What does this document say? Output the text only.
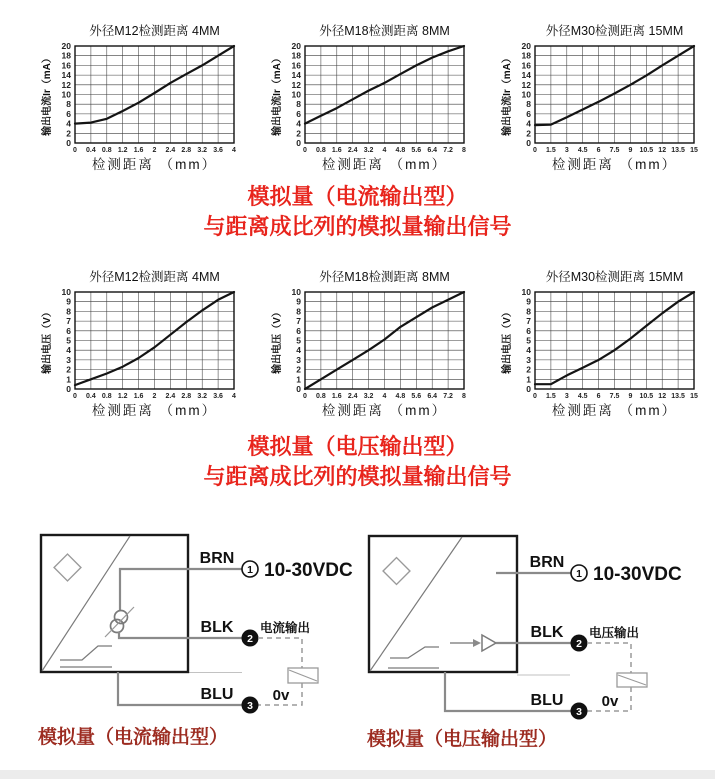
0 0.4 0.8 1.2 1.6 2 2.4 2.8 3.2 3.6 4
0
2
4
6
8
10
12
14
16
18
20
外径M12检测距离 4MM
输出电流Ir（mA）
检测距离 （mm）
0 0.8 1.6 2.4 3.2 4 4.8 5.6 6.4 7.2 8
0
2
4
6
8
10
12
14
16
18
20
外径M18检测距离 8MM
输出电流Ir（mA）
检测距离 （mm）
0 1.5 3 4.5 6 7.5 9 10.5 12 13.5 15
0
2
4
6
8
10
12
14
16
18
20
外径M30检测距离 15MM
输出电流Ir（mA）
检测距离 （mm）
模拟量（电流输出型）
与距离成比列的模拟量输出信号
0 0.4 0.8 1.2 1.6 2 2.4 2.8 3.2 3.6 4
0
1
2
3
4
5
6
7
8
9
10
外径M12检测距离 4MM
输出电压（V）
检测距离 （mm）
0 0.8 1.6 2.4 3.2 4 4.8 5.6 6.4 7.2 8
0
1
2
3
4
5
6
7
8
9
10
外径M18检测距离 8MM
输出电压（V）
检测距离 （mm）
0 1.5 3 4.5 6 7.5 9 10.5 12 13.5 15
0
1
2
3
4
5
6
7
8
9
10
外径M30检测距离 15MM
输出电压（V）
检测距离 （mm）
模拟量（电压输出型）
与距离成比列的模拟量输出信号
BRN
1 10-30VDC
BLK
2
电流输出
BLU
3
0v
BRN
1 10-30VDC
BLK
2
电压输出
BLU
3
0v
模拟量（电流输出型）	模拟量（电压输出型）
